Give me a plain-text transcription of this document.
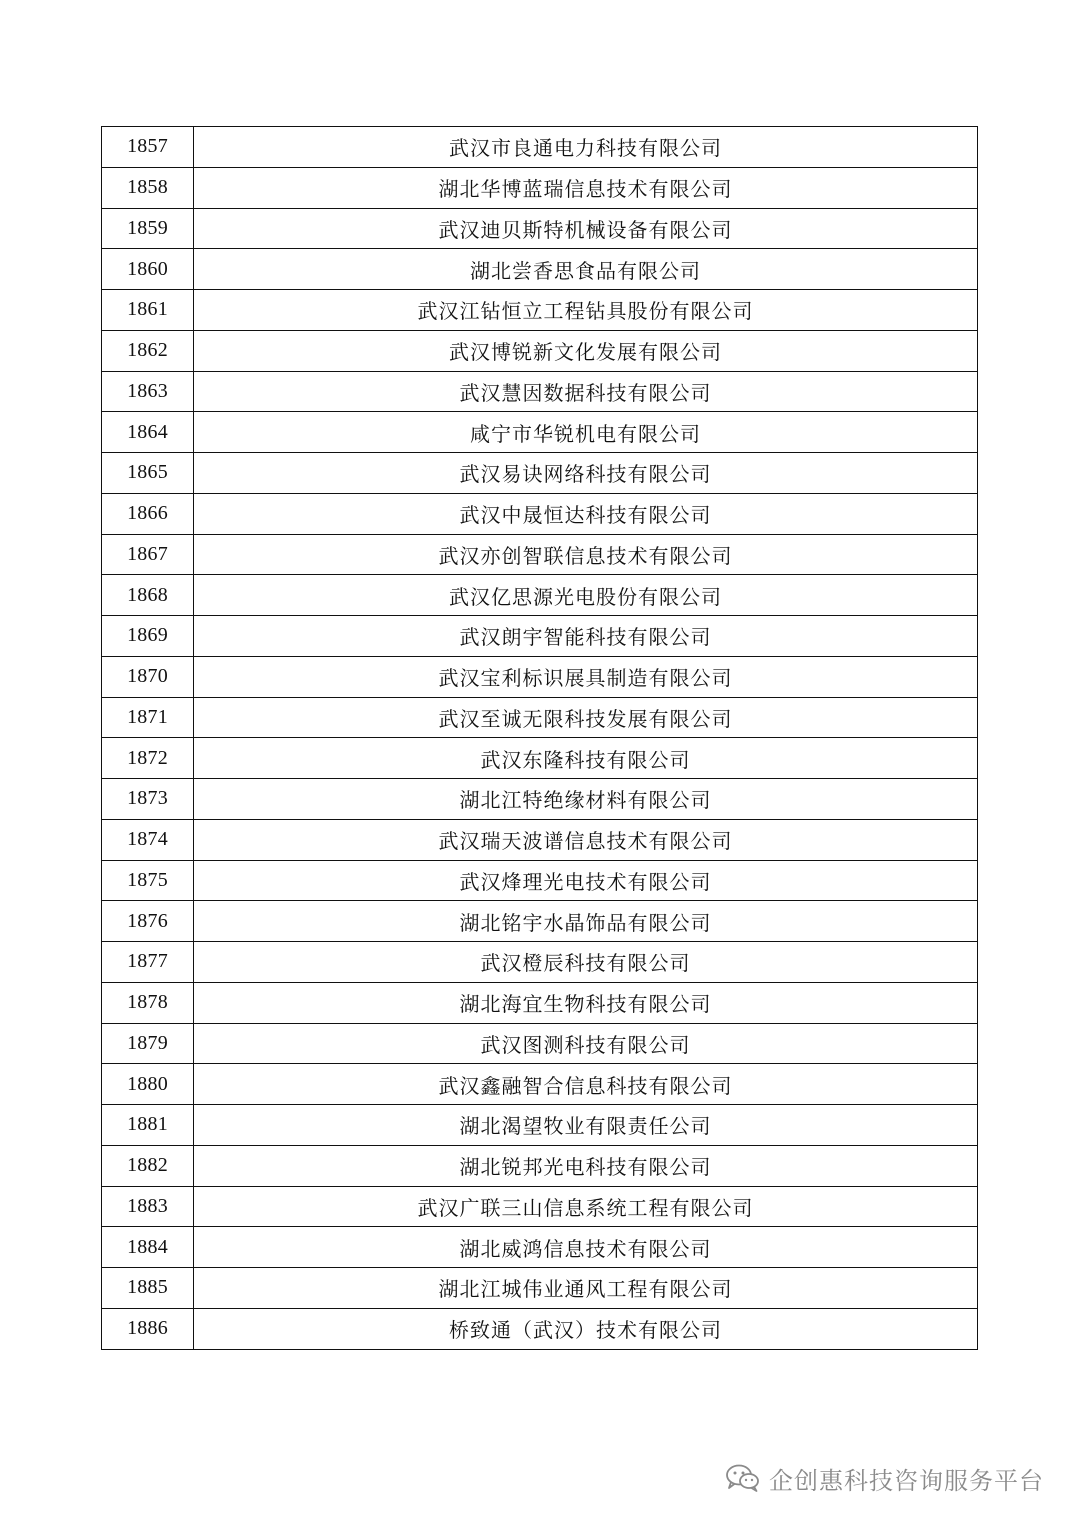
1857	武汉市良通电力科技有限公司
1858	湖北华博蓝瑞信息技术有限公司
1859	武汉迪贝斯特机械设备有限公司
1860	湖北尝香思食品有限公司
1861	武汉江钻恒立工程钻具股份有限公司
1862	武汉博锐新文化发展有限公司
1863	武汉慧因数据科技有限公司
1864	咸宁市华锐机电有限公司
1865	武汉易诀网络科技有限公司
1866	武汉中晟恒达科技有限公司
1867	武汉亦创智联信息技术有限公司
1868	武汉亿思源光电股份有限公司
1869	武汉朗宇智能科技有限公司
1870	武汉宝利标识展具制造有限公司
1871	武汉至诚无限科技发展有限公司
1872	武汉东隆科技有限公司
1873	湖北江特绝缘材料有限公司
1874	武汉瑞天波谱信息技术有限公司
1875	武汉烽理光电技术有限公司
1876	湖北铭宇水晶饰品有限公司
1877	武汉橙辰科技有限公司
1878	湖北海宜生物科技有限公司
1879	武汉图测科技有限公司
1880	武汉鑫融智合信息科技有限公司
1881	湖北渴望牧业有限责任公司
1882	湖北锐邦光电科技有限公司
1883	武汉广联三山信息系统工程有限公司
1884	湖北威鸿信息技术有限公司
1885	湖北江城伟业通风工程有限公司
1886	桥致通（武汉）技术有限公司
企创惠科技咨询服务平台
